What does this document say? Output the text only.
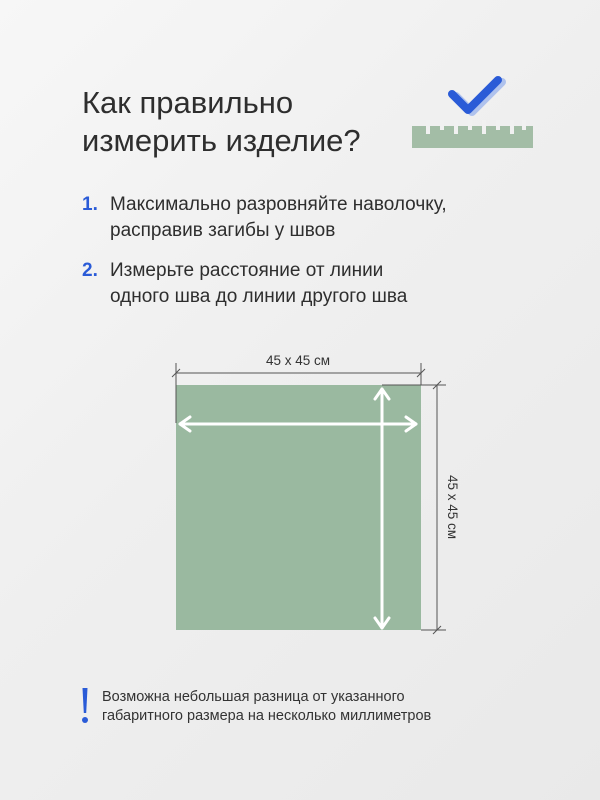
Как правильно
измерить изделие?
1. Максимально разровняйте наволочку,
расправив загибы у швов
2. Измерьте расстояние от линии
одного шва до линии другого шва
45 x 45 см
45 x 45 см
Возможна небольшая разница от указанного
габаритного размера на несколько миллиметров
